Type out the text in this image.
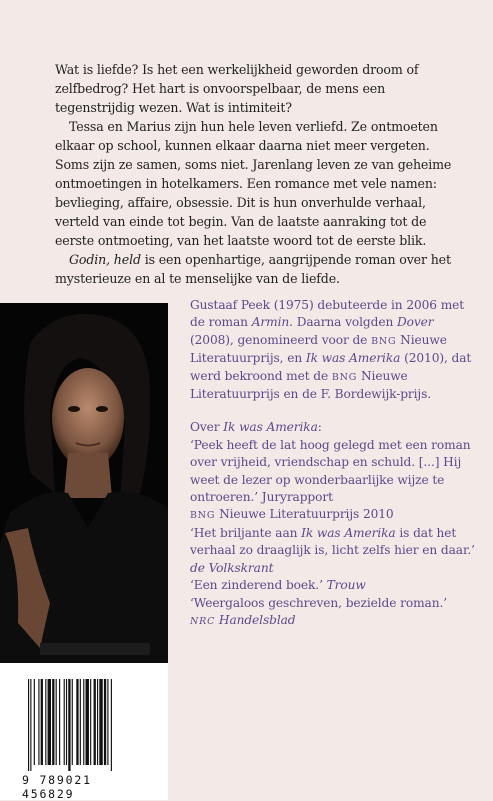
Wat is liefde? Is het een werkelijkheid geworden droom of zelfbedrog? Het hart is onvoorspelbaar, de mens een tegenstrijdig wezen. Wat is intimiteit?

Tessa en Marius zijn hun hele leven verliefd. Ze ontmoeten elkaar op school, kunnen elkaar daarna niet meer vergeten. Soms zijn ze samen, soms niet. Jarenlang leven ze van geheime ontmoetingen in hotelkamers. Een romance met vele namen: bevlieging, affaire, obsessie. Dit is hun onverhulde verhaal, verteld van einde tot begin. Van de laatste aanraking tot de eerste ontmoeting, van het laatste woord tot de eerste blik.

Godin, held is een openhartige, aangrijpende roman over het mysterieuze en al te menselijke van de liefde.

Gustaaf Peek (1975) debuteerde in 2006 met de roman Armin. Daarna volgden Dover (2008), genomineerd voor de BNG Nieuwe Literatuurprijs, en Ik was Amerika (2010), dat werd bekroond met de BNG Nieuwe Literatuurprijs en de F. Bordewijk-prijs.

Over Ik was Amerika:

‘Peek heeft de lat hoog gelegd met een roman over vrijheid, vriendschap en schuld. [...] Hij weet de lezer op wonderbaarlijke wijze te ontroeren.’ Juryrapport
BNG Nieuwe Literatuurprijs 2010

‘Het briljante aan Ik was Amerika is dat het verhaal zo draaglijk is, licht zelfs hier en daar.’ de Volkskrant

‘Een zinderend boek.’ Trouw

‘Weergaloos geschreven, bezielde roman.’
NRC Handelsblad

9 789021 456829
